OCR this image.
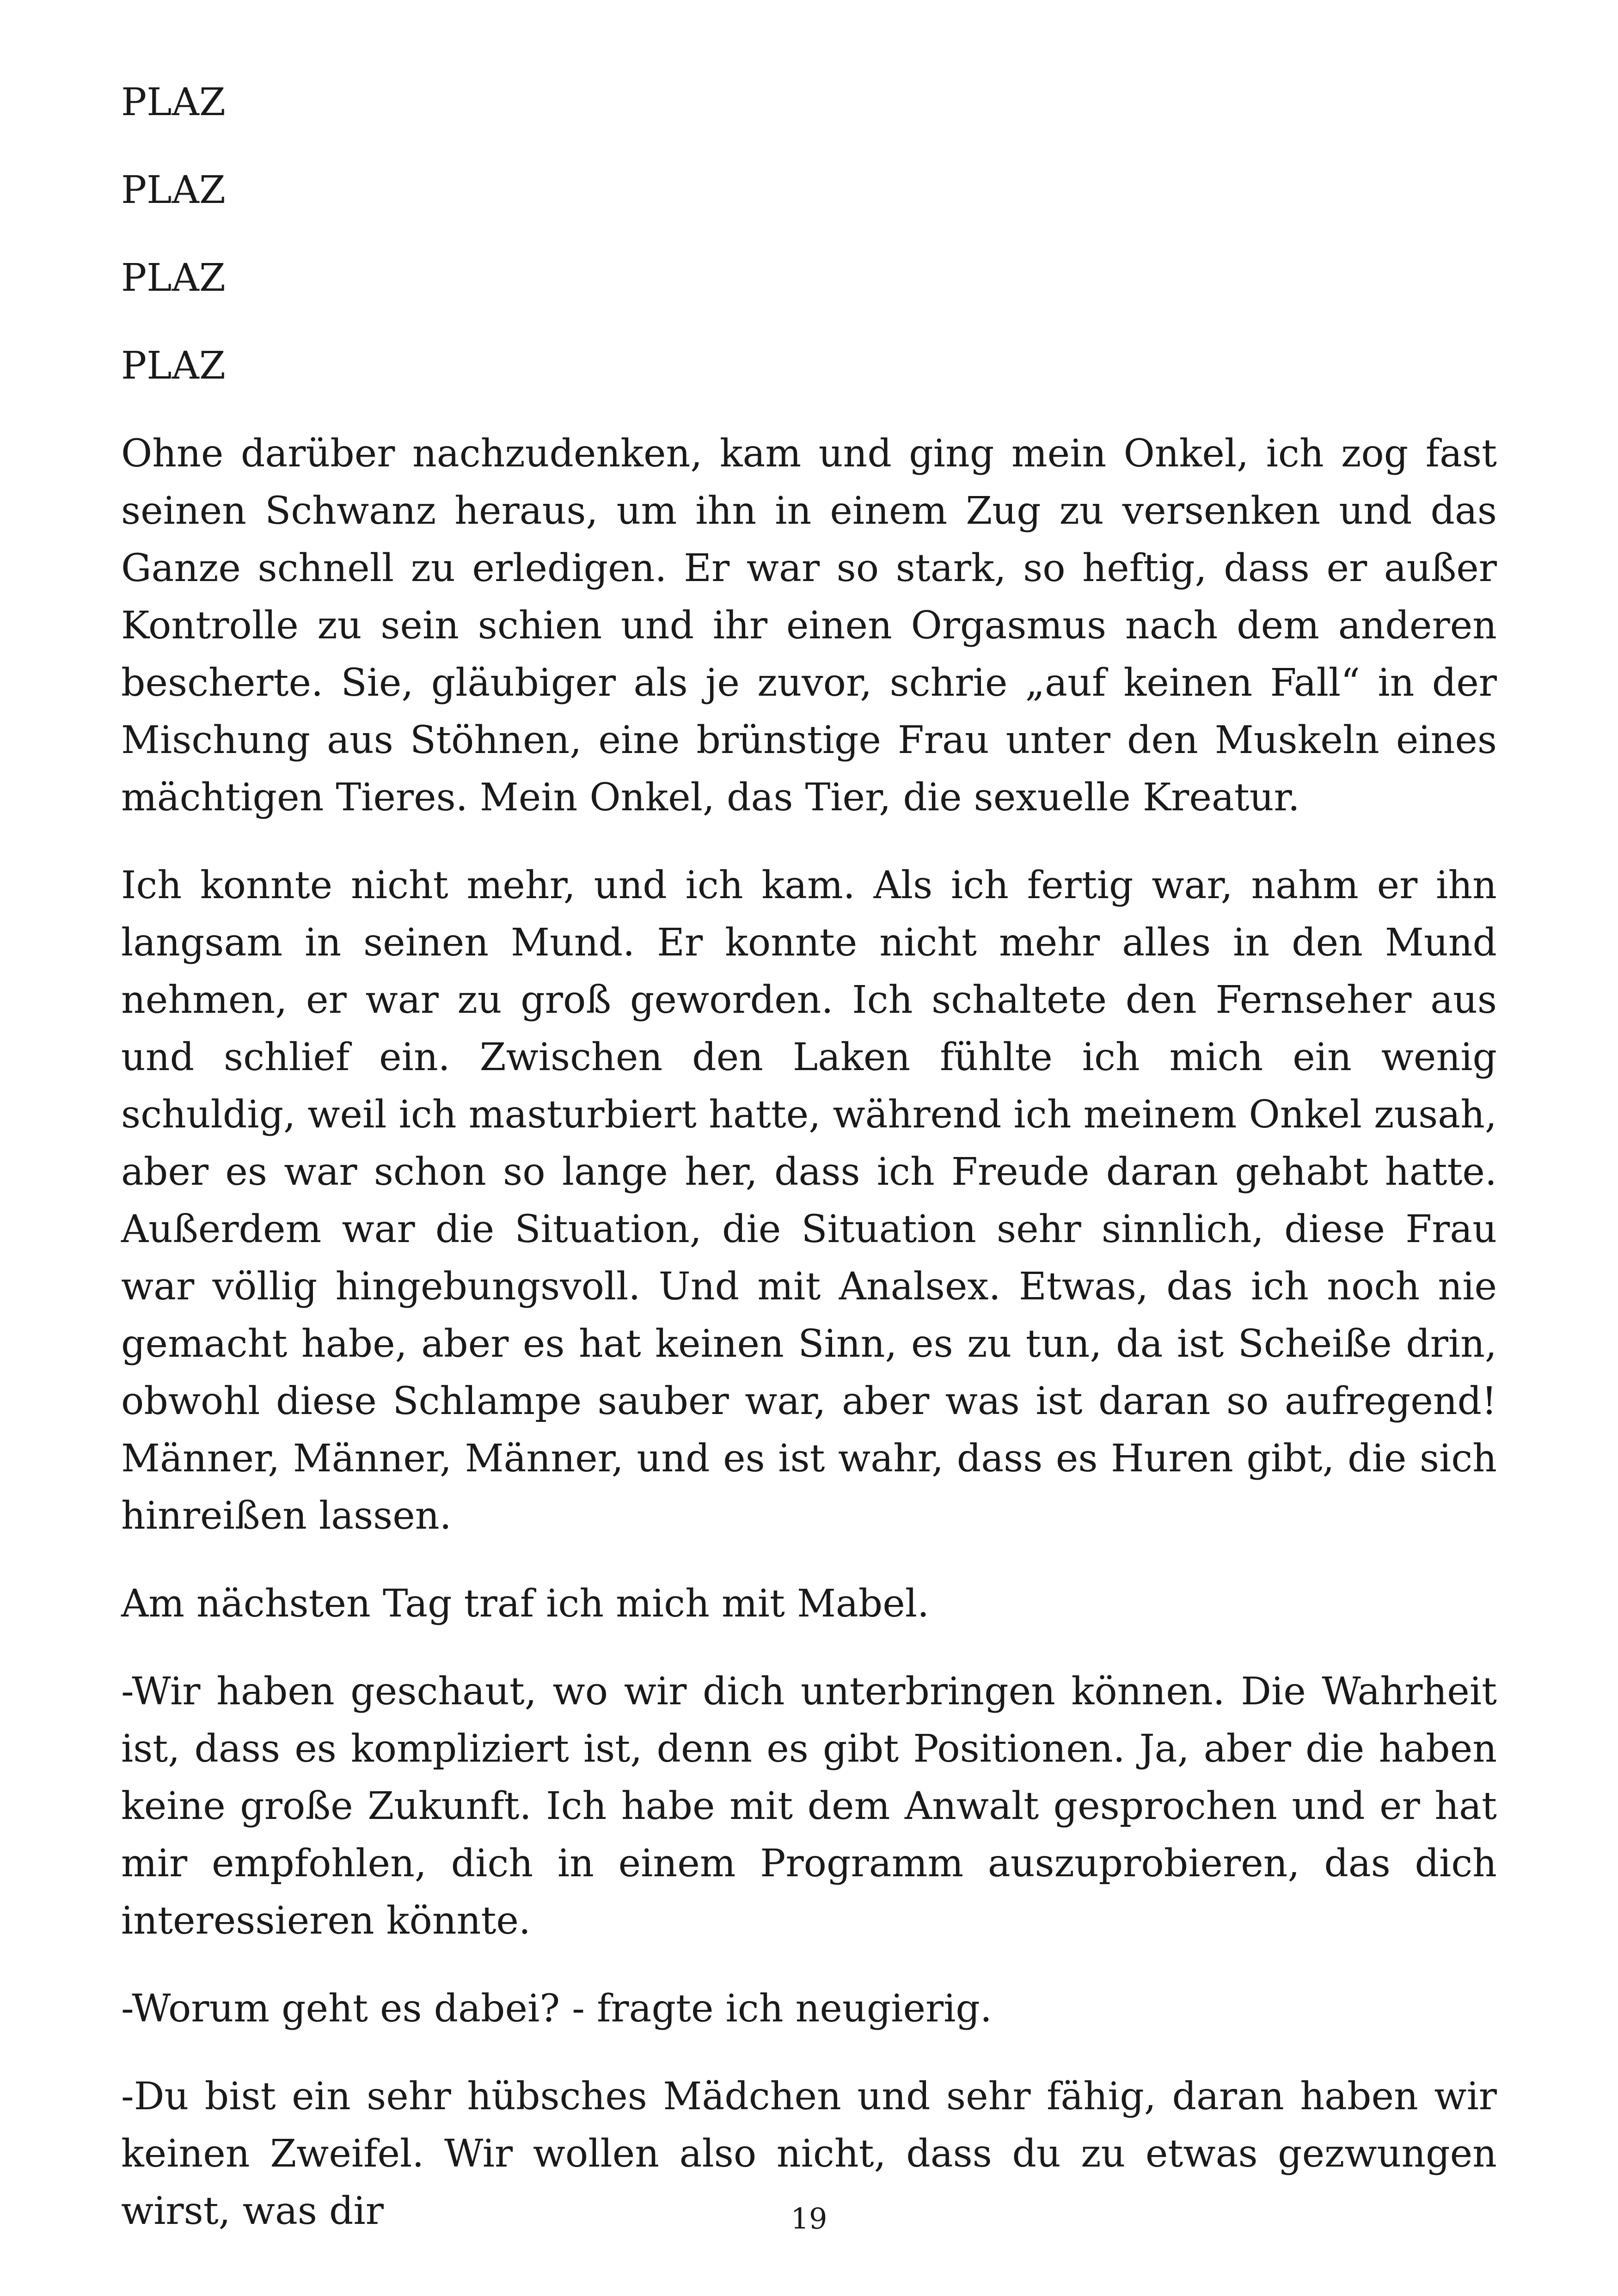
PLAZ

PLAZ

PLAZ

PLAZ

Ohne darüber nachzudenken, kam und ging mein Onkel, ich zog fast seinen Schwanz heraus, um ihn in einem Zug zu versenken und das Ganze schnell zu erledigen. Er war so stark, so heftig, dass er außer Kontrolle zu sein schien und ihr einen Orgasmus nach dem anderen bescherte. Sie, gläubiger als je zuvor, schrie „auf keinen Fall“ in der Mischung aus Stöhnen, eine brünstige Frau unter den Muskeln eines mächtigen Tieres. Mein Onkel, das Tier, die sexuelle Kreatur.

Ich konnte nicht mehr, und ich kam. Als ich fertig war, nahm er ihn langsam in seinen Mund. Er konnte nicht mehr alles in den Mund nehmen, er war zu groß geworden. Ich schaltete den Fernseher aus und schlief ein. Zwischen den Laken fühlte ich mich ein wenig schuldig, weil ich masturbiert hatte, während ich meinem Onkel zusah, aber es war schon so lange her, dass ich Freude daran gehabt hatte. Außerdem war die Situation, die Situation sehr sinnlich, diese Frau war völlig hingebungsvoll. Und mit Analsex. Etwas, das ich noch nie gemacht habe, aber es hat keinen Sinn, es zu tun, da ist Scheiße drin, obwohl diese Schlampe sauber war, aber was ist daran so aufregend! Männer, Männer, Männer, und es ist wahr, dass es Huren gibt, die sich hinreißen lassen.

Am nächsten Tag traf ich mich mit Mabel.

-Wir haben geschaut, wo wir dich unterbringen können. Die Wahrheit ist, dass es kompliziert ist, denn es gibt Positionen. Ja, aber die haben keine große Zukunft. Ich habe mit dem Anwalt gesprochen und er hat mir empfohlen, dich in einem Programm auszuprobieren, das dich interessieren könnte.

-Worum geht es dabei? - fragte ich neugierig.

-Du bist ein sehr hübsches Mädchen und sehr fähig, daran haben wir keinen Zweifel. Wir wollen also nicht, dass du zu etwas gezwungen wirst, was dir	19
